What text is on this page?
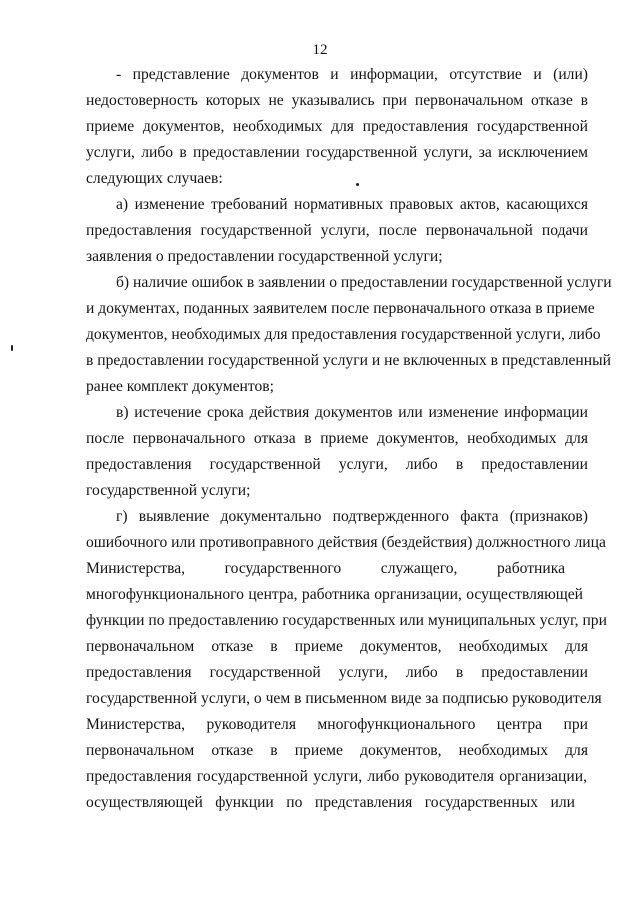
12
- представление документов и информации, отсутствие и (или)
недостоверность которых не указывались при первоначальном отказе в
приеме документов, необходимых для предоставления государственной
услуги, либо в предоставлении государственной услуги, за исключением
следующих случаев:
а) изменение требований нормативных правовых актов, касающихся
предоставления государственной услуги, после первоначальной подачи
заявления о предоставлении государственной услуги;
б) наличие ошибок в заявлении о предоставлении государственной услуги
и документах, поданных заявителем после первоначального отказа в приеме
документов, необходимых для предоставления государственной услуги, либо
в предоставлении государственной услуги и не включенных в представленный
ранее комплект документов;
в) истечение срока действия документов или изменение информации
после первоначального отказа в приеме документов, необходимых для
предоставления государственной услуги, либо в предоставлении
государственной услуги;
г) выявление документально подтвержденного факта (признаков)
ошибочного или противоправного действия (бездействия) должностного лица
Министерства, государственного служащего, работника
многофункционального центра, работника организации, осуществляющей
функции по предоставлению государственных или муниципальных услуг, при
первоначальном отказе в приеме документов, необходимых для
предоставления государственной услуги, либо в предоставлении
государственной услуги, о чем в письменном виде за подписью руководителя
Министерства, руководителя многофункционального центра при
первоначальном отказе в приеме документов, необходимых для
предоставления государственной услуги, либо руководителя организации,
осуществляющей функции по представления государственных или
